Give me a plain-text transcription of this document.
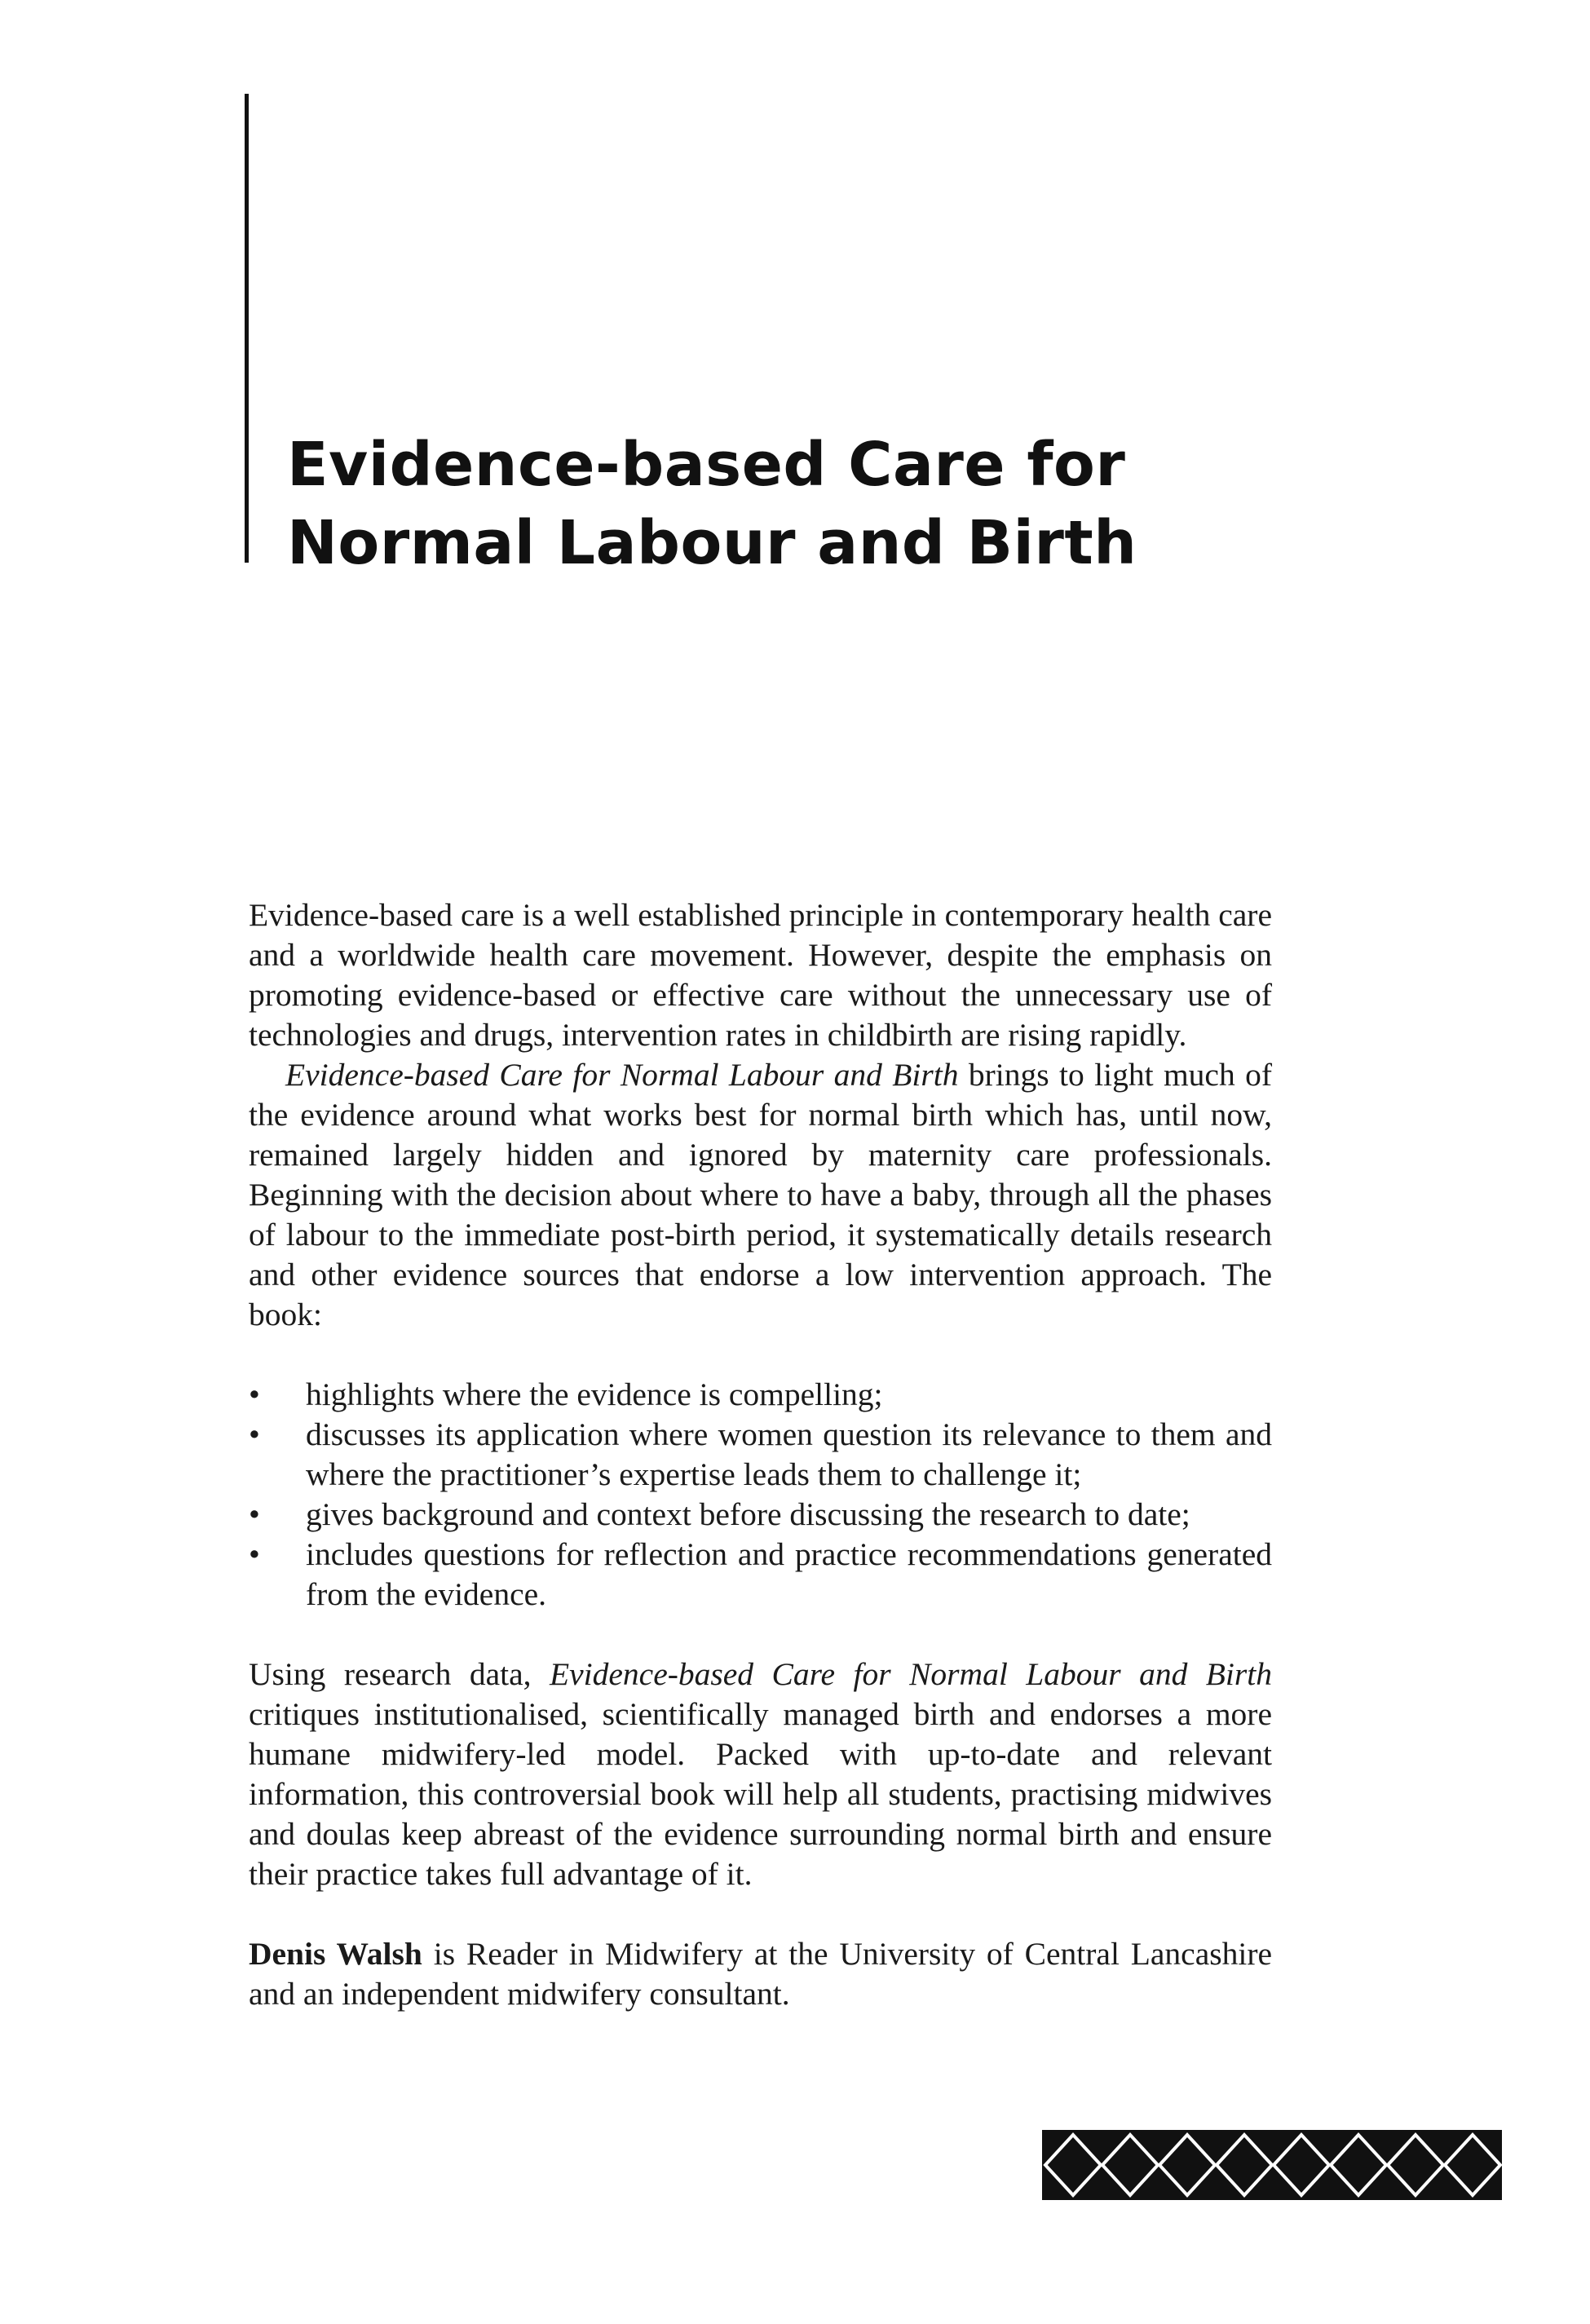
Evidence-based Care for
Normal Labour and Birth

Evidence-based care is a well established principle in contemporary health care and a worldwide health care movement. However, despite the emphasis on promoting evidence-based or effective care without the unnecessary use of technologies and drugs, intervention rates in childbirth are rising rapidly.

Evidence-based Care for Normal Labour and Birth brings to light much of the evidence around what works best for normal birth which has, until now, remained largely hidden and ignored by maternity care professionals. Beginning with the decision about where to have a baby, through all the phases of labour to the immediate post-birth period, it systematically details research and other evidence sources that endorse a low intervention approach. The book:

• highlights where the evidence is compelling;
• discusses its application where women question its relevance to them and where the practitioner’s expertise leads them to challenge it;
• gives background and context before discussing the research to date;
• includes questions for reflection and practice recommendations generated from the evidence.

Using research data, Evidence-based Care for Normal Labour and Birth critiques institutionalised, scientifically managed birth and endorses a more humane midwifery-led model. Packed with up-to-date and relevant information, this controversial book will help all students, practising midwives and doulas keep abreast of the evidence surrounding normal birth and ensure their practice takes full advantage of it.

Denis Walsh is Reader in Midwifery at the University of Central Lancashire and an independent midwifery consultant.
